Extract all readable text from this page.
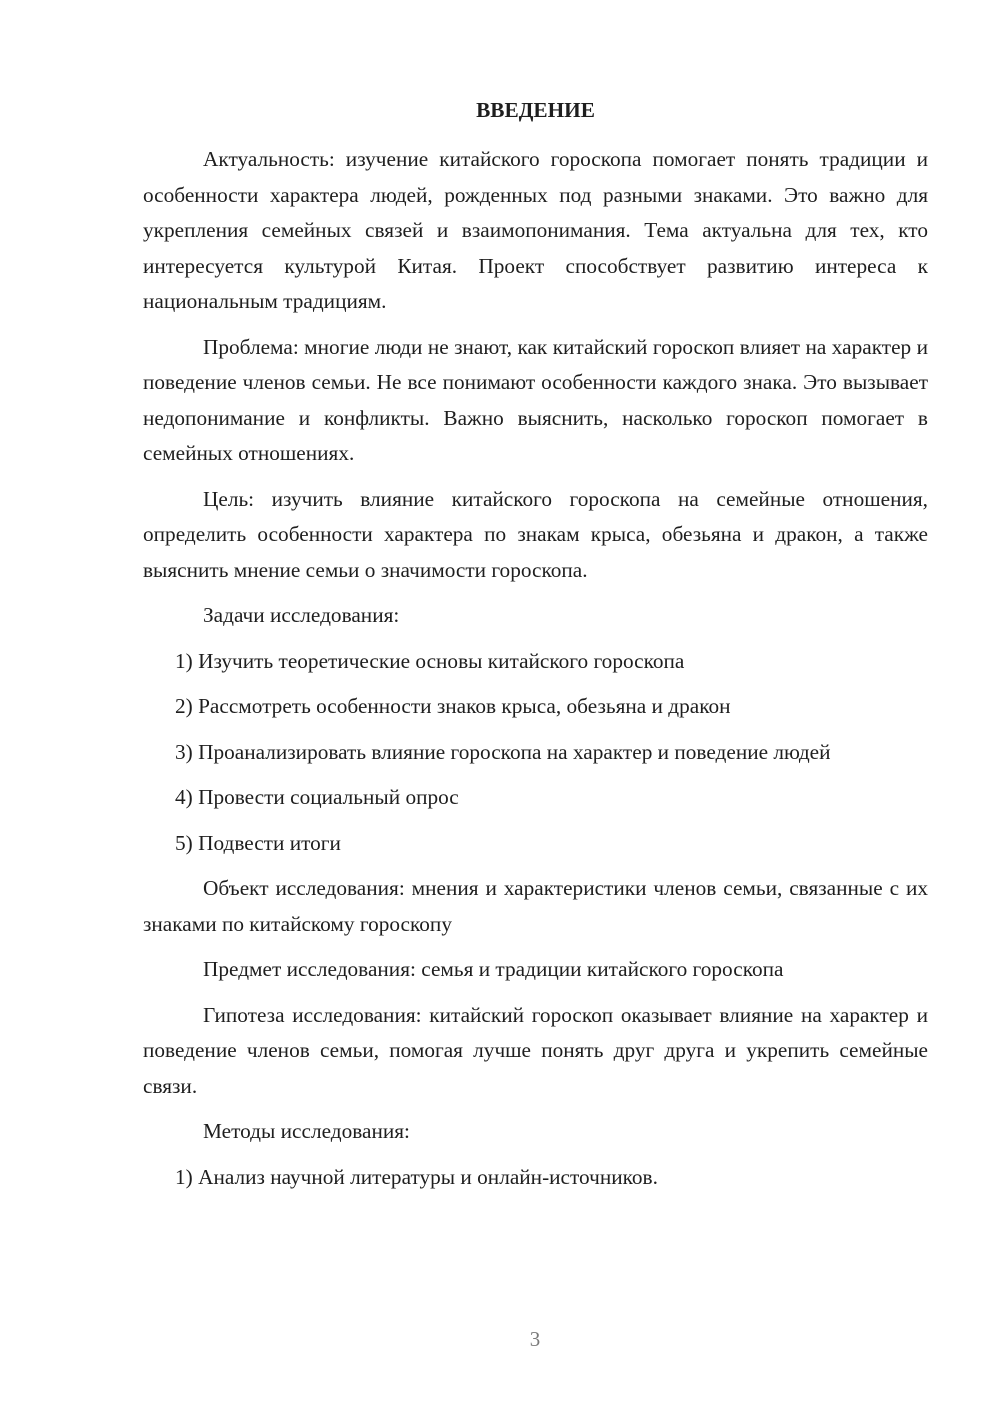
ВВЕДЕНИЕ

Актуальность: изучение китайского гороскопа помогает понять традиции и особенности характера людей, рожденных под разными знаками. Это важно для укрепления семейных связей и взаимопонимания. Тема актуальна для тех, кто интересуется культурой Китая. Проект способствует развитию интереса к национальным традициям.

Проблема: многие люди не знают, как китайский гороскоп влияет на характер и поведение членов семьи. Не все понимают особенности каждого знака. Это вызывает недопонимание и конфликты. Важно выяснить, насколько гороскоп помогает в семейных отношениях.

Цель: изучить влияние китайского гороскопа на семейные отношения, определить особенности характера по знакам крыса, обезьяна и дракон, а также выяснить мнение семьи о значимости гороскопа.

Задачи исследования:
1) Изучить теоретические основы китайского гороскопа
2) Рассмотреть особенности знаков крыса, обезьяна и дракон
3) Проанализировать влияние гороскопа на характер и поведение людей
4) Провести социальный опрос
5) Подвести итоги

Объект исследования: мнения и характеристики членов семьи, связанные с их знаками по китайскому гороскопу

Предмет исследования: семья и традиции китайского гороскопа

Гипотеза исследования: китайский гороскоп оказывает влияние на характер и поведение членов семьи, помогая лучше понять друг друга и укрепить семейные связи.

Методы исследования:
1) Анализ научной литературы и онлайн-источников.
3
